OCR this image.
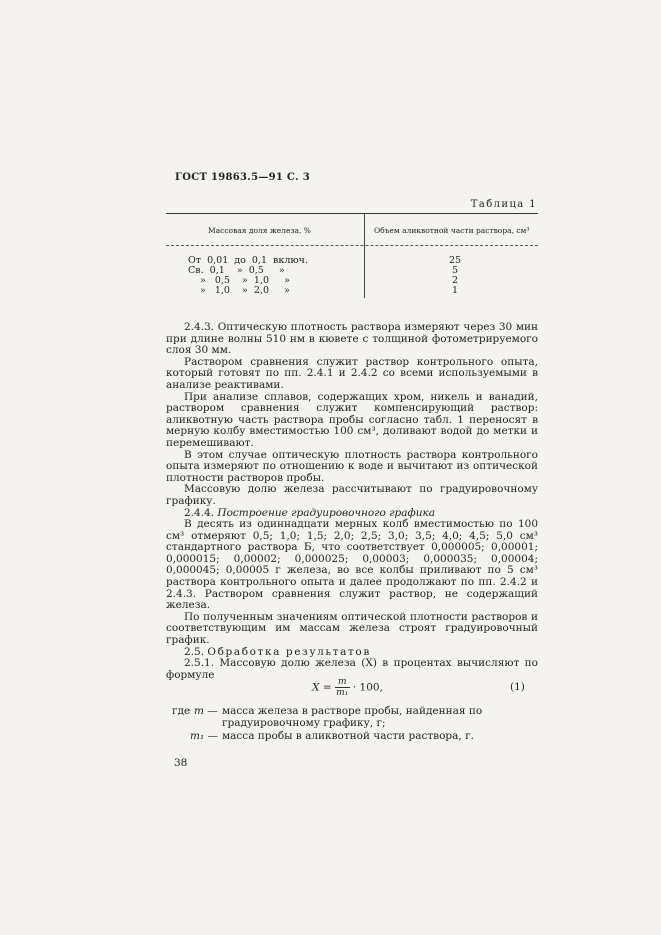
ГОСТ 19863.5—91 С. 3
Таблица 1
Массовая доля железа, %	Объем аликвотной части раствора, см³
От  0,01  до  0,1  включ.
Св.  0,1    »  0,5     »
»   0,5    »  1,0     »
»   1,0    »  2,0     »
25
5
2
1

2.4.3. Оптическую плотность раствора измеряют через 30 мин при длине волны 510 нм в кювете с толщиной фотометрируемого слоя 30 мм.

Раствором сравнения служит раствор контрольного опыта, который готовят по пп. 2.4.1 и 2.4.2 со всеми используемыми в анализе реактивами.

При анализе сплавов, содержащих хром, никель и ванадий, раствором сравнения служит компенсирующий раствор: аликвотную часть раствора пробы согласно табл. 1 переносят в мерную колбу вместимостью 100 см³, доливают водой до метки и перемешивают.

В этом случае оптическую плотность раствора контрольного опыта измеряют по отношению к воде и вычитают из оптической плотности растворов пробы.

Массовую долю железа рассчитывают по градуировочному графику.

2.4.4. Построение градуировочного графика

В десять из одиннадцати мерных колб вместимостью по 100 см³ отмеряют 0,5; 1,0; 1,5; 2,0; 2,5; 3,0; 3,5; 4,0; 4,5; 5,0 см³ стандартного раствора Б, что соответствует 0,000005; 0,00001; 0,000015; 0,00002; 0,000025; 0,00003; 0,000035; 0,00004; 0,000045; 0,00005 г железа, во все колбы приливают по 5 см³ раствора контрольного опыта и далее продолжают по пп. 2.4.2 и 2.4.3. Раствором сравнения служит раствор, не содержащий железа.

По полученным значениям оптической плотности растворов и соответствующим им массам железа строят градуировочный график.

2.5. Обработка результатов

2.5.1. Массовую долю железа (X) в процентах вычисляют по формуле

$X = \frac{m}{\text{m₁}} \cdot 100$,	(1)
где m — масса железа в растворе пробы, найденная по градуировочному графику, г;
m₁ — масса пробы в аликвотной части раствора, г.
38
